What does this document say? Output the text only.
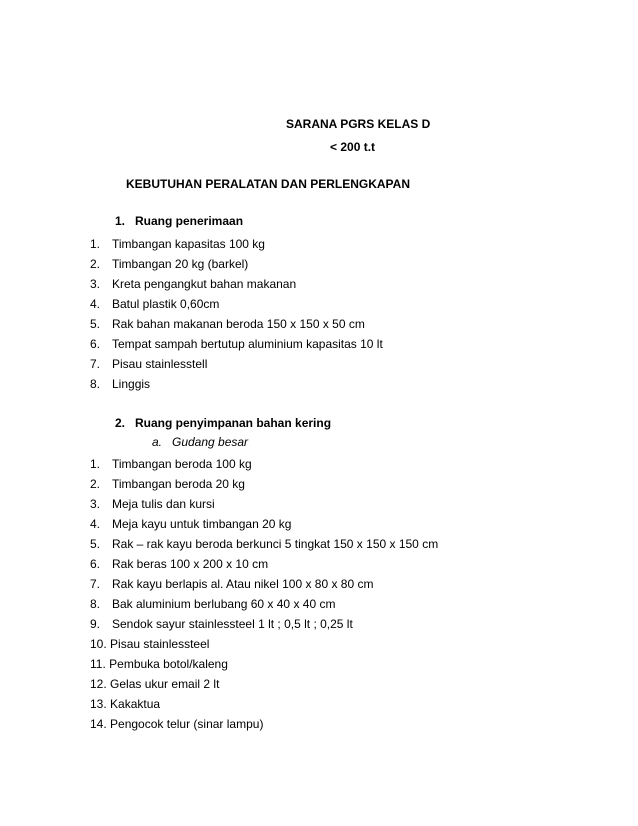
SARANA PGRS KELAS D
< 200 t.t
KEBUTUHAN PERALATAN DAN PERLENGKAPAN
1. Ruang penerimaan
1. Timbangan kapasitas 100 kg
2. Timbangan 20 kg (barkel)
3. Kreta pengangkut bahan makanan
4. Batul plastik 0,60cm
5. Rak bahan makanan beroda 150 x 150 x 50 cm
6. Tempat sampah bertutup aluminium kapasitas 10 lt
7. Pisau stainlesstell
8. Linggis
2. Ruang penyimpanan bahan kering
a. Gudang besar
1. Timbangan beroda 100 kg
2. Timbangan beroda 20 kg
3. Meja tulis dan kursi
4. Meja kayu untuk timbangan 20 kg
5. Rak – rak kayu beroda berkunci 5 tingkat 150 x 150 x 150 cm
6. Rak beras 100 x 200 x 10 cm
7. Rak kayu berlapis al. Atau nikel 100 x 80 x 80 cm
8. Bak aluminium berlubang 60 x 40 x 40 cm
9. Sendok sayur stainlessteel 1 lt ; 0,5 lt ; 0,25 lt
10. Pisau stainlessteel
11. Pembuka botol/kaleng
12. Gelas ukur email 2 lt
13. Kakaktua
14. Pengocok telur (sinar lampu)
